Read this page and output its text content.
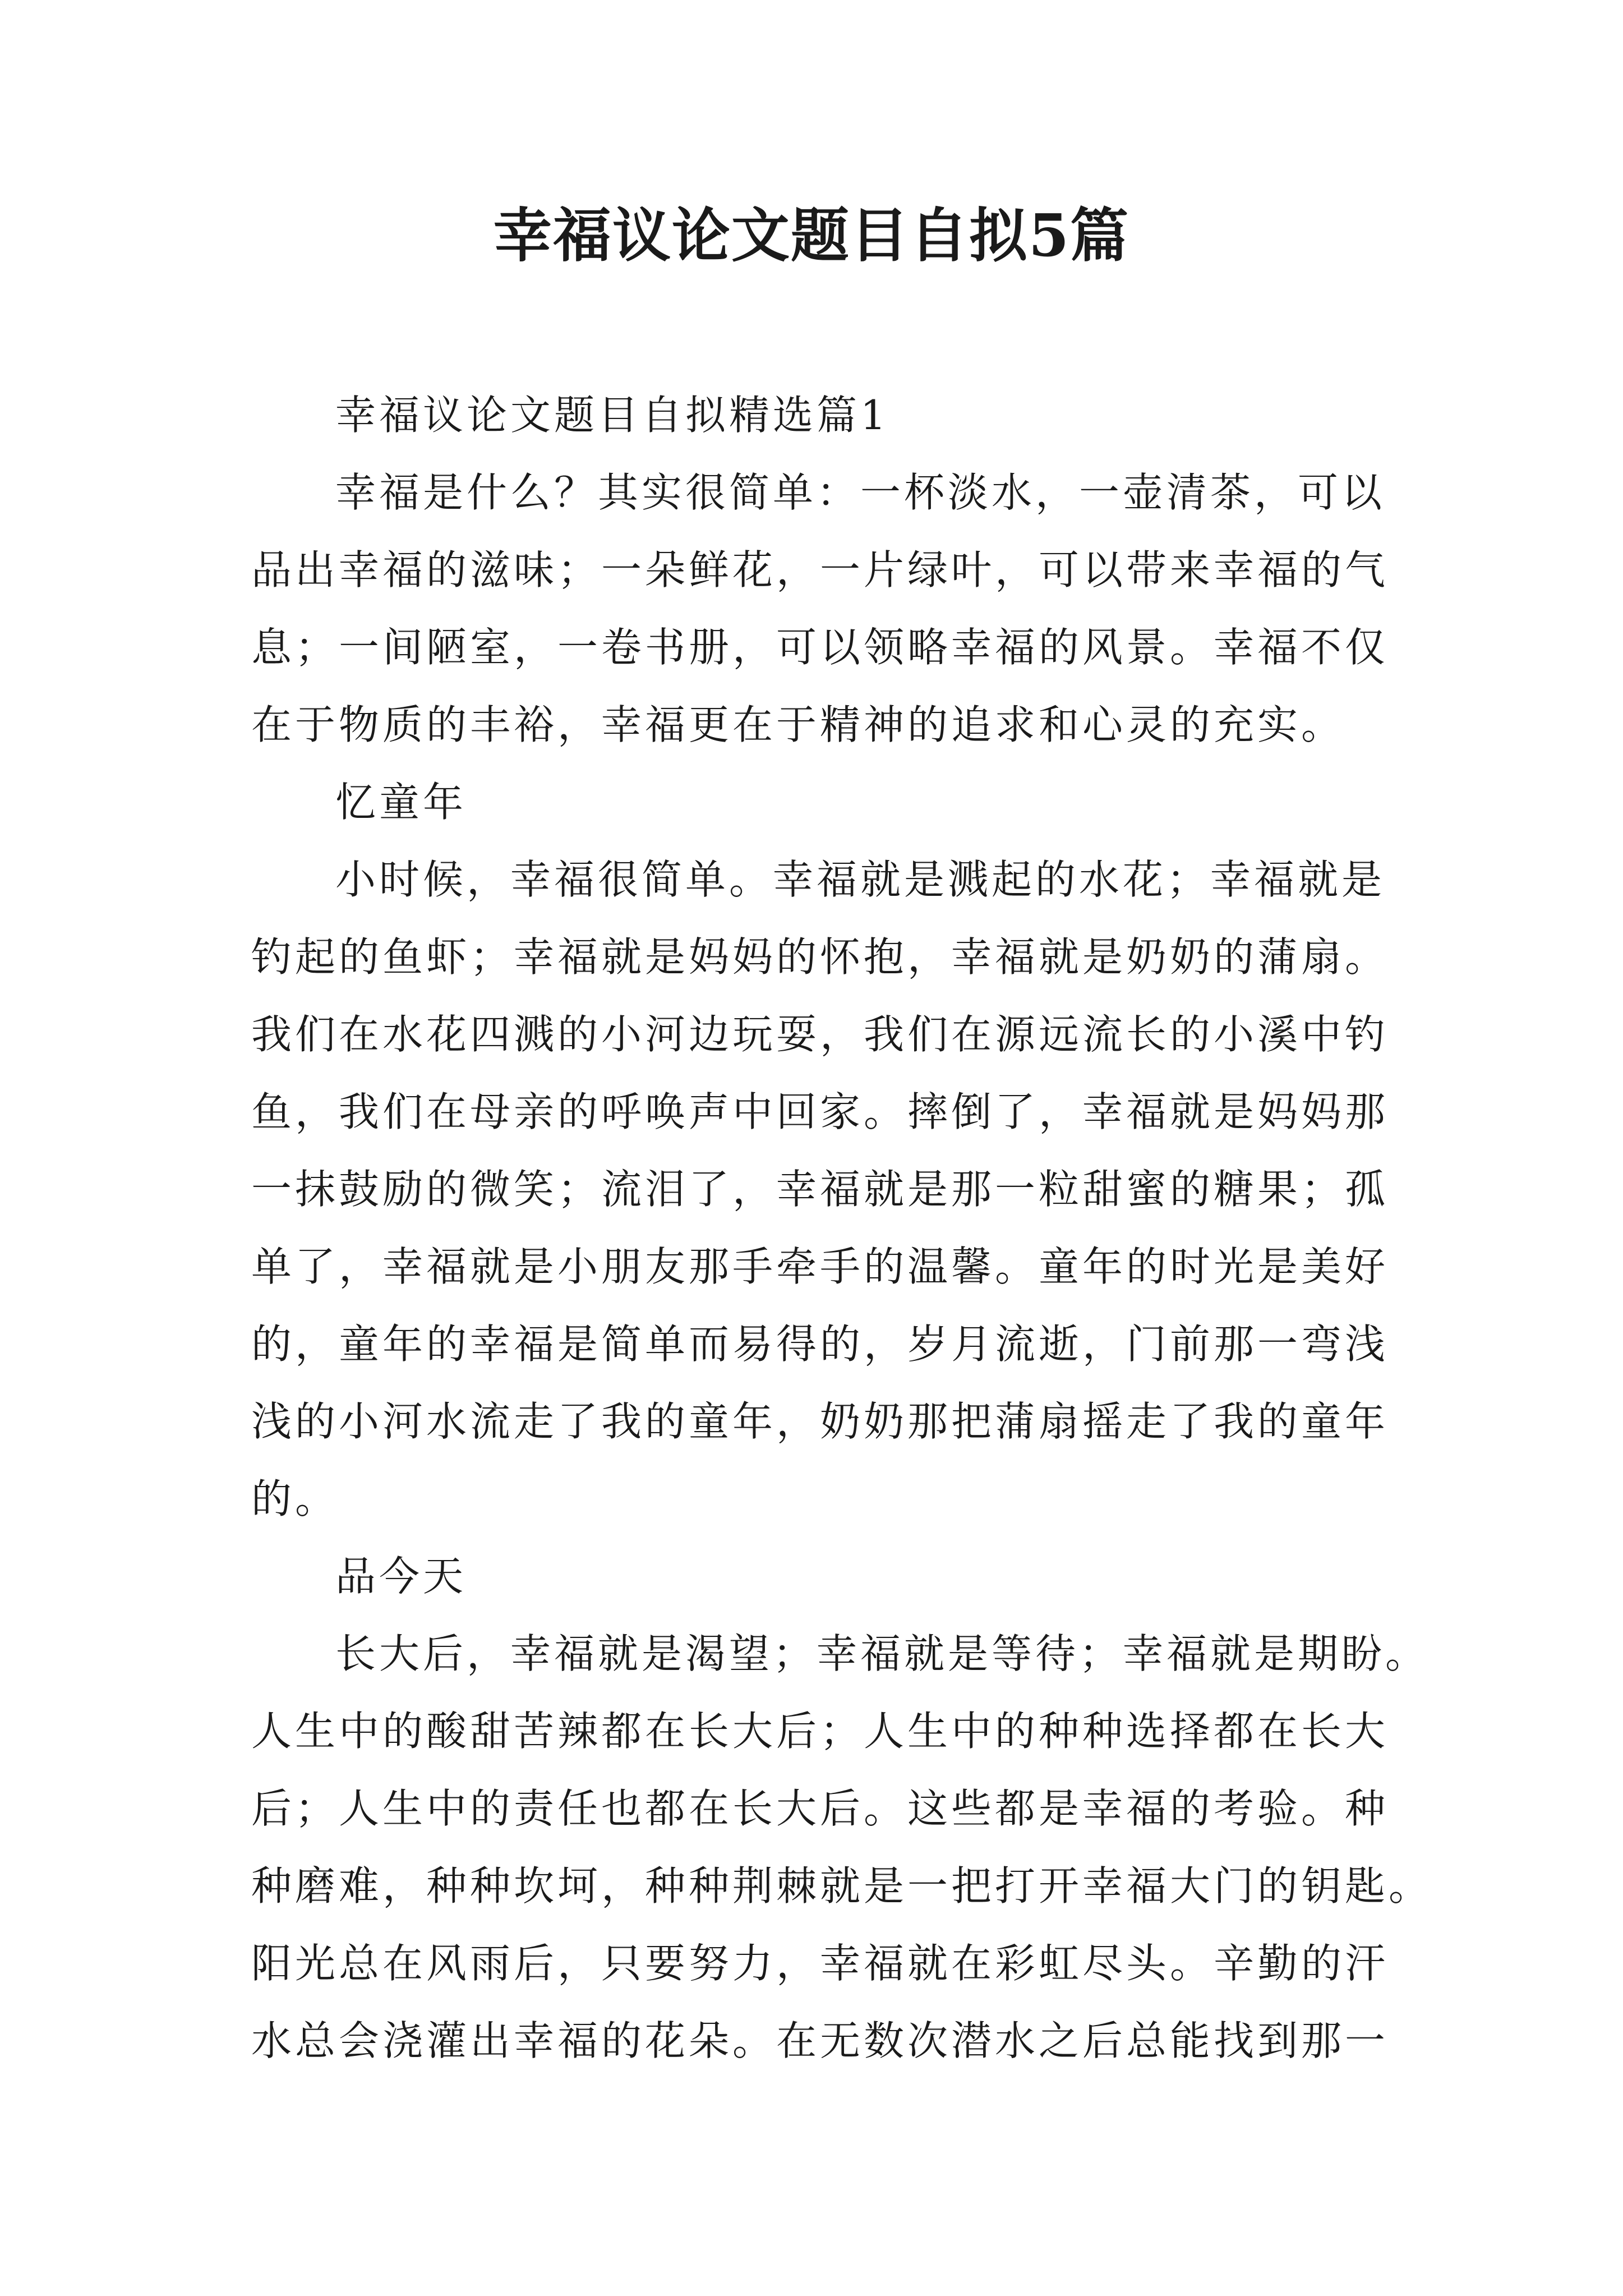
幸福议论文题目自拟5篇
幸福议论文题目自拟精选篇1
幸福是什么？其实很简单：一杯淡水，一壶清茶，可以
品出幸福的滋味；一朵鲜花，一片绿叶，可以带来幸福的气
息；一间陋室，一卷书册，可以领略幸福的风景。幸福不仅
在于物质的丰裕，幸福更在于精神的追求和心灵的充实。
忆童年
小时候，幸福很简单。幸福就是溅起的水花；幸福就是
钓起的鱼虾；幸福就是妈妈的怀抱，幸福就是奶奶的蒲扇。
我们在水花四溅的小河边玩耍，我们在源远流长的小溪中钓
鱼，我们在母亲的呼唤声中回家。摔倒了，幸福就是妈妈那
一抹鼓励的微笑；流泪了，幸福就是那一粒甜蜜的糖果；孤
单了，幸福就是小朋友那手牵手的温馨。童年的时光是美好
的，童年的幸福是简单而易得的，岁月流逝，门前那一弯浅
浅的小河水流走了我的童年，奶奶那把蒲扇摇走了我的童年
的。
品今天
长大后，幸福就是渴望；幸福就是等待；幸福就是期盼。
人生中的酸甜苦辣都在长大后；人生中的种种选择都在长大
后；人生中的责任也都在长大后。这些都是幸福的考验。种
种磨难，种种坎坷，种种荆棘就是一把打开幸福大门的钥匙。
阳光总在风雨后，只要努力，幸福就在彩虹尽头。辛勤的汗
水总会浇灌出幸福的花朵。在无数次潜水之后总能找到那一
